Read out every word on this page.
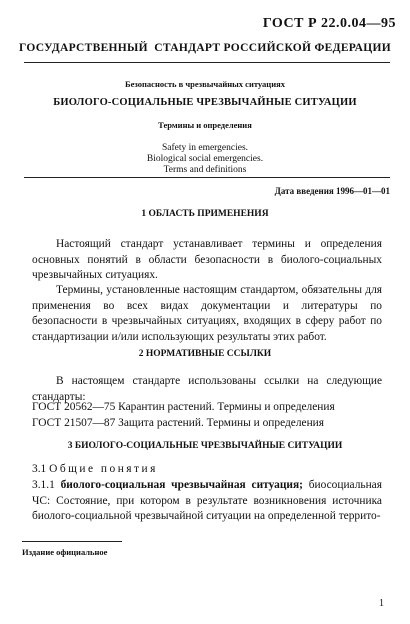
ГОСТ Р 22.0.04—95
ГОСУДАРСТВЕННЫЙ  СТАНДАРТ РОССИЙСКОЙ ФЕДЕРАЦИИ
Безопасность в чрезвычайных ситуациях
БИОЛОГО-СОЦИАЛЬНЫЕ ЧРЕЗВЫЧАЙНЫЕ СИТУАЦИИ
Термины и определения
Safety in emergencies.
Biological social emergencies.
Terms and definitions
Дата введения 1996—01—01
1 ОБЛАСТЬ ПРИМЕНЕНИЯ
Настоящий стандарт устанавливает термины и определения основных понятий в области безопасности в биолого-социальных чрезвычайных ситуациях.
Термины, установленные настоящим стандартом, обязательны для применения во всех видах документации и литературы по безопасности в чрезвычайных ситуациях, входящих в сферу работ по стандартизации и/или использующих результаты этих работ.
2 НОРМАТИВНЫЕ ССЫЛКИ
В настоящем стандарте использованы ссылки на следующие стандарты:
ГОСТ 20562—75 Карантин растений. Термины и определения
ГОСТ 21507—87 Защита растений. Термины и определения
3 БИОЛОГО-СОЦИАЛЬНЫЕ ЧРЕЗВЫЧАЙНЫЕ СИТУАЦИИ
3.1 Общие понятия
3.1.1 биолого-социальная чрезвычайная ситуация; биосоциальная ЧС: Состояние, при котором в результате возникновения источника биолого-социальной чрезвычайной ситуации на определенной террито-
Издание официальное
1
